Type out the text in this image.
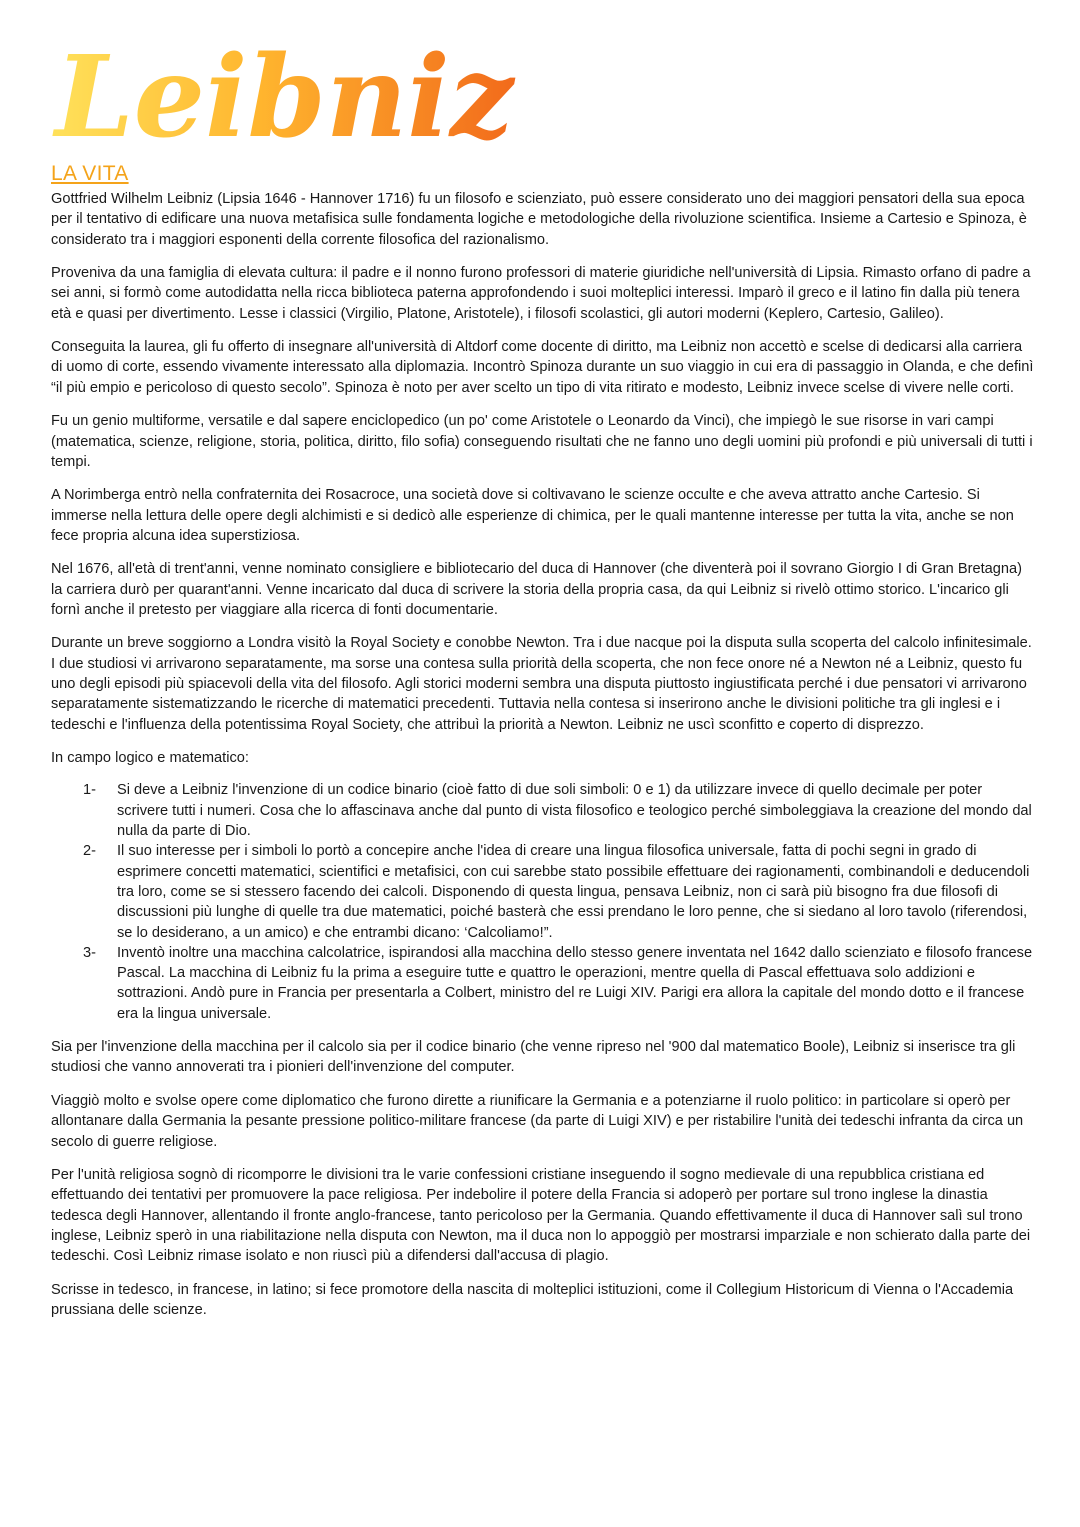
Leibniz
LA VITA

Gottfried Wilhelm Leibniz (Lipsia 1646 - Hannover 1716) fu un filosofo e scienziato, può essere considerato uno dei maggiori pensatori della sua epoca per il tentativo di edificare una nuova metafisica sulle fondamenta logiche e metodologiche della rivoluzione scientifica. Insieme a Cartesio e Spinoza, è considerato tra i maggiori esponenti della corrente filosofica del razionalismo.

Proveniva da una famiglia di elevata cultura: il padre e il nonno furono professori di materie giuridiche nell'università di Lipsia. Rimasto orfano di padre a sei anni, si formò come autodidatta nella ricca biblioteca paterna approfondendo i suoi molteplici interessi. Imparò il greco e il latino fin dalla più tenera età e quasi per divertimento. Lesse i classici (Virgilio, Platone, Aristotele), i filosofi scolastici, gli autori moderni (Keplero, Cartesio, Galileo).

Conseguita la laurea, gli fu offerto di insegnare all'università di Altdorf come docente di diritto, ma Leibniz non accettò e scelse di dedicarsi alla carriera di uomo di corte, essendo vivamente interessato alla diplomazia. Incontrò Spinoza durante un suo viaggio in cui era di passaggio in Olanda, e che definì “il più empio e pericoloso di questo secolo”. Spinoza è noto per aver scelto un tipo di vita ritirato e modesto, Leibniz invece scelse di vivere nelle corti.

Fu un genio multiforme, versatile e dal sapere enciclopedico (un po' come Aristotele o Leonardo da Vinci), che impiegò le sue risorse in vari campi (matematica, scienze, religione, storia, politica, diritto, filo sofia) conseguendo risultati che ne fanno uno degli uomini più profondi e più universali di tutti i tempi.

A Norimberga entrò nella confraternita dei Rosacroce, una società dove si coltivavano le scienze occulte e che aveva attratto anche Cartesio. Si immerse nella lettura delle opere degli alchimisti e si dedicò alle esperienze di chimica, per le quali mantenne interesse per tutta la vita, anche se non fece propria alcuna idea superstiziosa.

Nel 1676, all'età di trent'anni, venne nominato consigliere e bibliotecario del duca di Hannover (che diventerà poi il sovrano Giorgio I di Gran Bretagna) la carriera durò per quarant'anni. Venne incaricato dal duca di scrivere la storia della propria casa, da qui Leibniz si rivelò ottimo storico. L'incarico gli fornì anche il pretesto per viaggiare alla ricerca di fonti documentarie.

Durante un breve soggiorno a Londra visitò la Royal Society e conobbe Newton. Tra i due nacque poi la disputa sulla scoperta del calcolo infinitesimale. I due studiosi vi arrivarono separatamente, ma sorse una contesa sulla priorità della scoperta, che non fece onore né a Newton né a Leibniz, questo fu uno degli episodi più spiacevoli della vita del filosofo. Agli storici moderni sembra una disputa piuttosto ingiustificata perché i due pensatori vi arrivarono separatamente sistematizzando le ricerche di matematici precedenti. Tuttavia nella contesa si inserirono anche le divisioni politiche tra gli inglesi e i tedeschi e l'influenza della potentissima Royal Society, che attribuì la priorità a Newton. Leibniz ne uscì sconfitto e coperto di disprezzo.

In campo logico e matematico:

1- Si deve a Leibniz l'invenzione di un codice binario (cioè fatto di due soli simboli: 0 e 1) da utilizzare invece di quello decimale per poter scrivere tutti i numeri. Cosa che lo affascinava anche dal punto di vista filosofico e teologico perché simboleggiava la creazione del mondo dal nulla da parte di Dio.
2- Il suo interesse per i simboli lo portò a concepire anche l'idea di creare una lingua filosofica universale, fatta di pochi segni in grado di esprimere concetti matematici, scientifici e metafisici, con cui sarebbe stato possibile effettuare dei ragionamenti, combinandoli e deducendoli tra loro, come se si stessero facendo dei calcoli. Disponendo di questa lingua, pensava Leibniz, non ci sarà più bisogno fra due filosofi di discussioni più lunghe di quelle tra due matematici, poiché basterà che essi prendano le loro penne, che si siedano al loro tavolo (riferendosi, se lo desiderano, a un amico) e che entrambi dicano: ‘Calcoliamo!”.
3- Inventò inoltre una macchina calcolatrice, ispirandosi alla macchina dello stesso genere inventata nel 1642 dallo scienziato e filosofo francese Pascal. La macchina di Leibniz fu la prima a eseguire tutte e quattro le operazioni, mentre quella di Pascal effettuava solo addizioni e sottrazioni. Andò pure in Francia per presentarla a Colbert, ministro del re Luigi XIV. Parigi era allora la capitale del mondo dotto e il francese era la lingua universale.

Sia per l'invenzione della macchina per il calcolo sia per il codice binario (che venne ripreso nel '900 dal matematico Boole), Leibniz si inserisce tra gli studiosi che vanno annoverati tra i pionieri dell'invenzione del computer.

Viaggiò molto e svolse opere come diplomatico che furono dirette a riunificare la Germania e a potenziarne il ruolo politico: in particolare si operò per allontanare dalla Germania la pesante pressione politico-militare francese (da parte di Luigi XIV) e per ristabilire l'unità dei tedeschi infranta da circa un secolo di guerre religiose.

Per l'unità religiosa sognò di ricomporre le divisioni tra le varie confessioni cristiane inseguendo il sogno medievale di una repubblica cristiana ed effettuando dei tentativi per promuovere la pace religiosa. Per indebolire il potere della Francia si adoperò per portare sul trono inglese la dinastia tedesca degli Hannover, allentando il fronte anglo-francese, tanto pericoloso per la Germania. Quando effettivamente il duca di Hannover salì sul trono inglese, Leibniz sperò in una riabilitazione nella disputa con Newton, ma il duca non lo appoggiò per mostrarsi imparziale e non schierato dalla parte dei tedeschi. Così Leibniz rimase isolato e non riuscì più a difendersi dall'accusa di plagio.

Scrisse in tedesco, in francese, in latino; si fece promotore della nascita di molteplici istituzioni, come il Collegium Historicum di Vienna o l'Accademia prussiana delle scienze.
